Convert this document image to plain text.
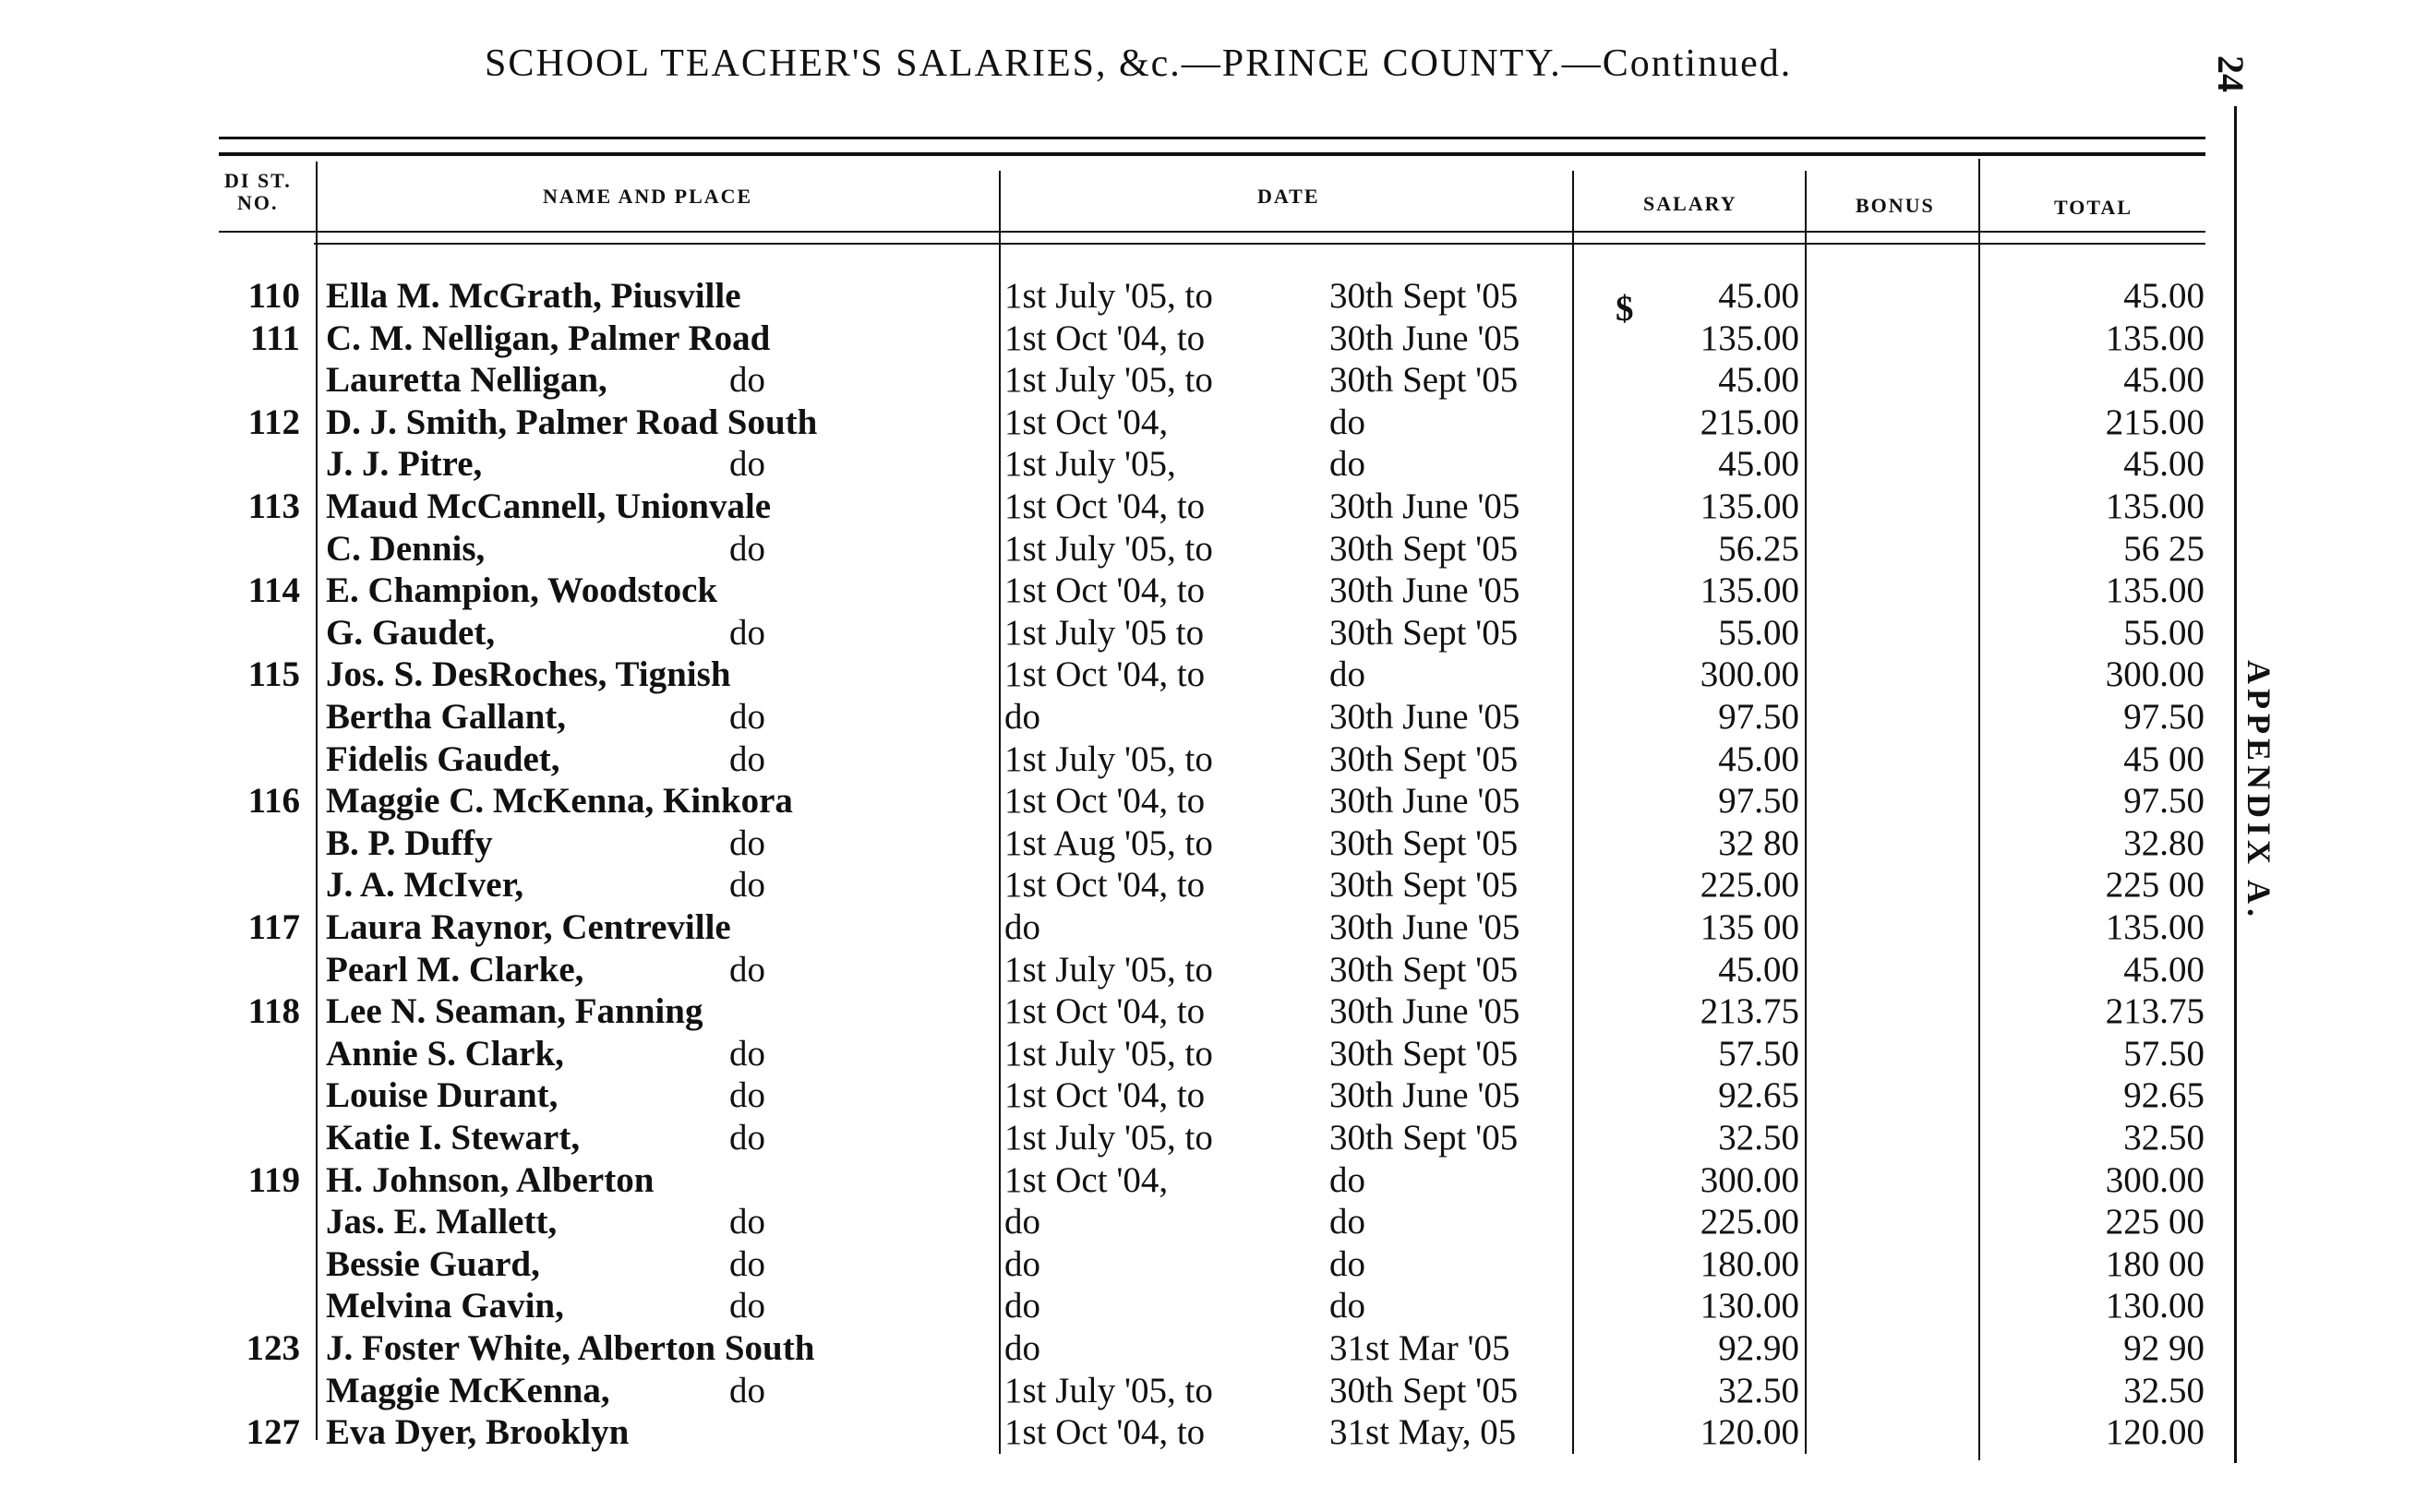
SCHOOL TEACHER'S SALARIES, &c.—PRINCE COUNTY.—Continued.	24
APPENDIX A.
DI ST.
NO.	NAME AND PLACE	DATE	SALARY	BONUS	TOTAL
$
110 Ella M. McGrath, Piusville	1st July '05, to	30th Sept '05	45.00	45.00
111 C. M. Nelligan, Palmer Road	1st Oct '04, to	30th June '05	135.00	135.00
Lauretta Nelligan,	do	1st July '05, to	30th Sept '05	45.00	45.00
112 D. J. Smith, Palmer Road South	1st Oct '04,	do	215.00	215.00
J. J. Pitre,	do	1st July '05,	do	45.00	45.00
113 Maud McCannell, Unionvale	1st Oct '04, to	30th June '05	135.00	135.00
C. Dennis,	do	1st July '05, to	30th Sept '05	56.25	56 25
114 E. Champion, Woodstock	1st Oct '04, to	30th June '05	135.00	135.00
G. Gaudet,	do	1st July '05 to	30th Sept '05	55.00	55.00
115 Jos. S. DesRoches, Tignish	1st Oct '04, to	do	300.00	300.00
Bertha Gallant,	do	do	30th June '05	97.50	97.50
Fidelis Gaudet,	do	1st July '05, to	30th Sept '05	45.00	45 00
116 Maggie C. McKenna, Kinkora	1st Oct '04, to	30th June '05	97.50	97.50
B. P. Duffy	do	1st Aug '05, to	30th Sept '05	32 80	32.80
J. A. McIver,	do	1st Oct '04, to	30th Sept '05	225.00	225 00
117 Laura Raynor, Centreville	do	30th June '05	135 00	135.00
Pearl M. Clarke,	do	1st July '05, to	30th Sept '05	45.00	45.00
118 Lee N. Seaman, Fanning	1st Oct '04, to	30th June '05	213.75	213.75
Annie S. Clark,	do	1st July '05, to	30th Sept '05	57.50	57.50
Louise Durant,	do	1st Oct '04, to	30th June '05	92.65	92.65
Katie I. Stewart,	do	1st July '05, to	30th Sept '05	32.50	32.50
119 H. Johnson, Alberton	1st Oct '04,	do	300.00	300.00
Jas. E. Mallett,	do	do	do	225.00	225 00
Bessie Guard,	do	do	do	180.00	180 00
Melvina Gavin,	do	do	do	130.00	130.00
123 J. Foster White, Alberton South	do	31st Mar '05	92.90	92 90
Maggie McKenna,	do	1st July '05, to	30th Sept '05	32.50	32.50
127 Eva Dyer, Brooklyn	1st Oct '04, to	31st May, 05	120.00	120.00
